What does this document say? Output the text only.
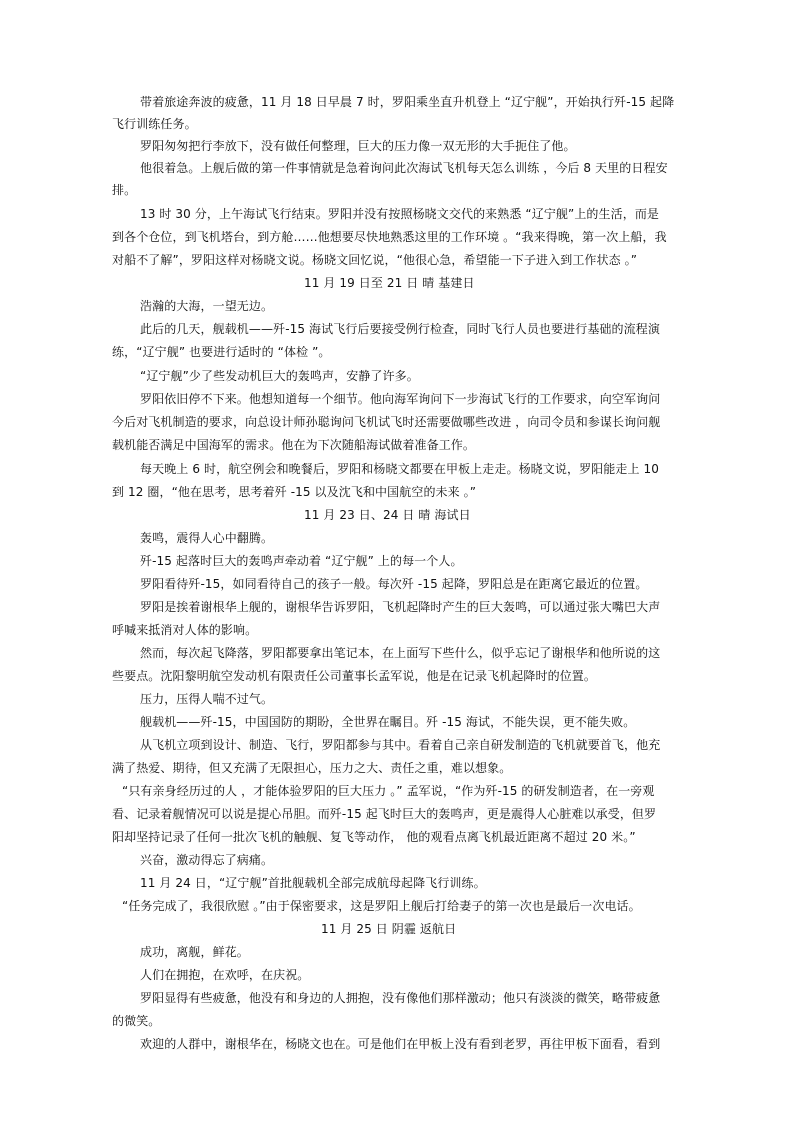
带着旅途奔波的疲惫，11 月 18 日早晨 7 时，罗阳乘坐直升机登上 “辽宁舰”，开始执行歼-15 起降
飞行训练任务。
罗阳匆匆把行李放下，没有做任何整理，巨大的压力像一双无形的大手扼住了他。
他很着急。上舰后做的第一件事情就是急着询问此次海试飞机每天怎么训练 ，今后 8 天里的日程安
排。
13 时 30 分，上午海试飞行结束。罗阳并没有按照杨晓文交代的来熟悉 “辽宁舰”上的生活，而是
到各个仓位，到飞机塔台，到方舱……他想要尽快地熟悉这里的工作环境 。“我来得晚，第一次上船，我
对船不了解”，罗阳这样对杨晓文说。杨晓文回忆说，“他很心急，希望能一下子进入到工作状态 。”
11 月 19 日至 21 日 晴 基建日
浩瀚的大海，一望无边。
此后的几天，舰载机——歼-15 海试飞行后要接受例行检查，同时飞行人员也要进行基础的流程演
练，“辽宁舰” 也要进行适时的 “体检 ”。
“辽宁舰”少了些发动机巨大的轰鸣声，安静了许多。
罗阳依旧停不下来。他想知道每一个细节。他向海军询问下一步海试飞行的工作要求，向空军询问
今后对飞机制造的要求，向总设计师孙聪询问飞机试飞时还需要做哪些改进 ，向司令员和参谋长询问舰
载机能否满足中国海军的需求。他在为下次随船海试做着准备工作。
每天晚上 6 时，航空例会和晚餐后，罗阳和杨晓文都要在甲板上走走。杨晓文说，罗阳能走上 10
到 12 圈，“他在思考，思考着歼 -15 以及沈飞和中国航空的未来 。”
11 月 23 日、24 日 晴 海试日
轰鸣，震得人心中翻腾。
歼-15 起落时巨大的轰鸣声牵动着 “辽宁舰” 上的每一个人。
罗阳看待歼-15，如同看待自己的孩子一般。每次歼 -15 起降，罗阳总是在距离它最近的位置。
罗阳是挨着谢根华上舰的，谢根华告诉罗阳，飞机起降时产生的巨大轰鸣，可以通过张大嘴巴大声
呼喊来抵消对人体的影响。
然而，每次起飞降落，罗阳都要拿出笔记本，在上面写下些什么，似乎忘记了谢根华和他所说的这
些要点。沈阳黎明航空发动机有限责任公司董事长孟军说，他是在记录飞机起降时的位置。
压力，压得人喘不过气。
舰载机——歼-15，中国国防的期盼，全世界在瞩目。歼 -15 海试，不能失误，更不能失败。
从飞机立项到设计、制造、飞行，罗阳都参与其中。看着自己亲自研发制造的飞机就要首飞，他充
满了热爱、期待，但又充满了无限担心，压力之大、责任之重，难以想象。
“只有亲身经历过的人 ，才能体验罗阳的巨大压力 。” 孟军说，“作为歼-15 的研发制造者，在一旁观
看、记录着舰情况可以说是提心吊胆。而歼-15 起飞时巨大的轰鸣声，更是震得人心脏难以承受，但罗
阳却坚持记录了任何一批次飞机的触舰、复飞等动作， 他的观看点离飞机最近距离不超过 20 米。”
兴奋，激动得忘了病痛。
11 月 24 日，“辽宁舰”首批舰载机全部完成航母起降飞行训练。
“任务完成了，我很欣慰 。”由于保密要求，这是罗阳上舰后打给妻子的第一次也是最后一次电话。
11 月 25 日 阴霾 返航日
成功，离舰，鲜花。
人们在拥抱，在欢呼，在庆祝。
罗阳显得有些疲惫，他没有和身边的人拥抱，没有像他们那样激动；他只有淡淡的微笑，略带疲惫
的微笑。
欢迎的人群中，谢根华在，杨晓文也在。可是他们在甲板上没有看到老罗，再往甲板下面看，看到
